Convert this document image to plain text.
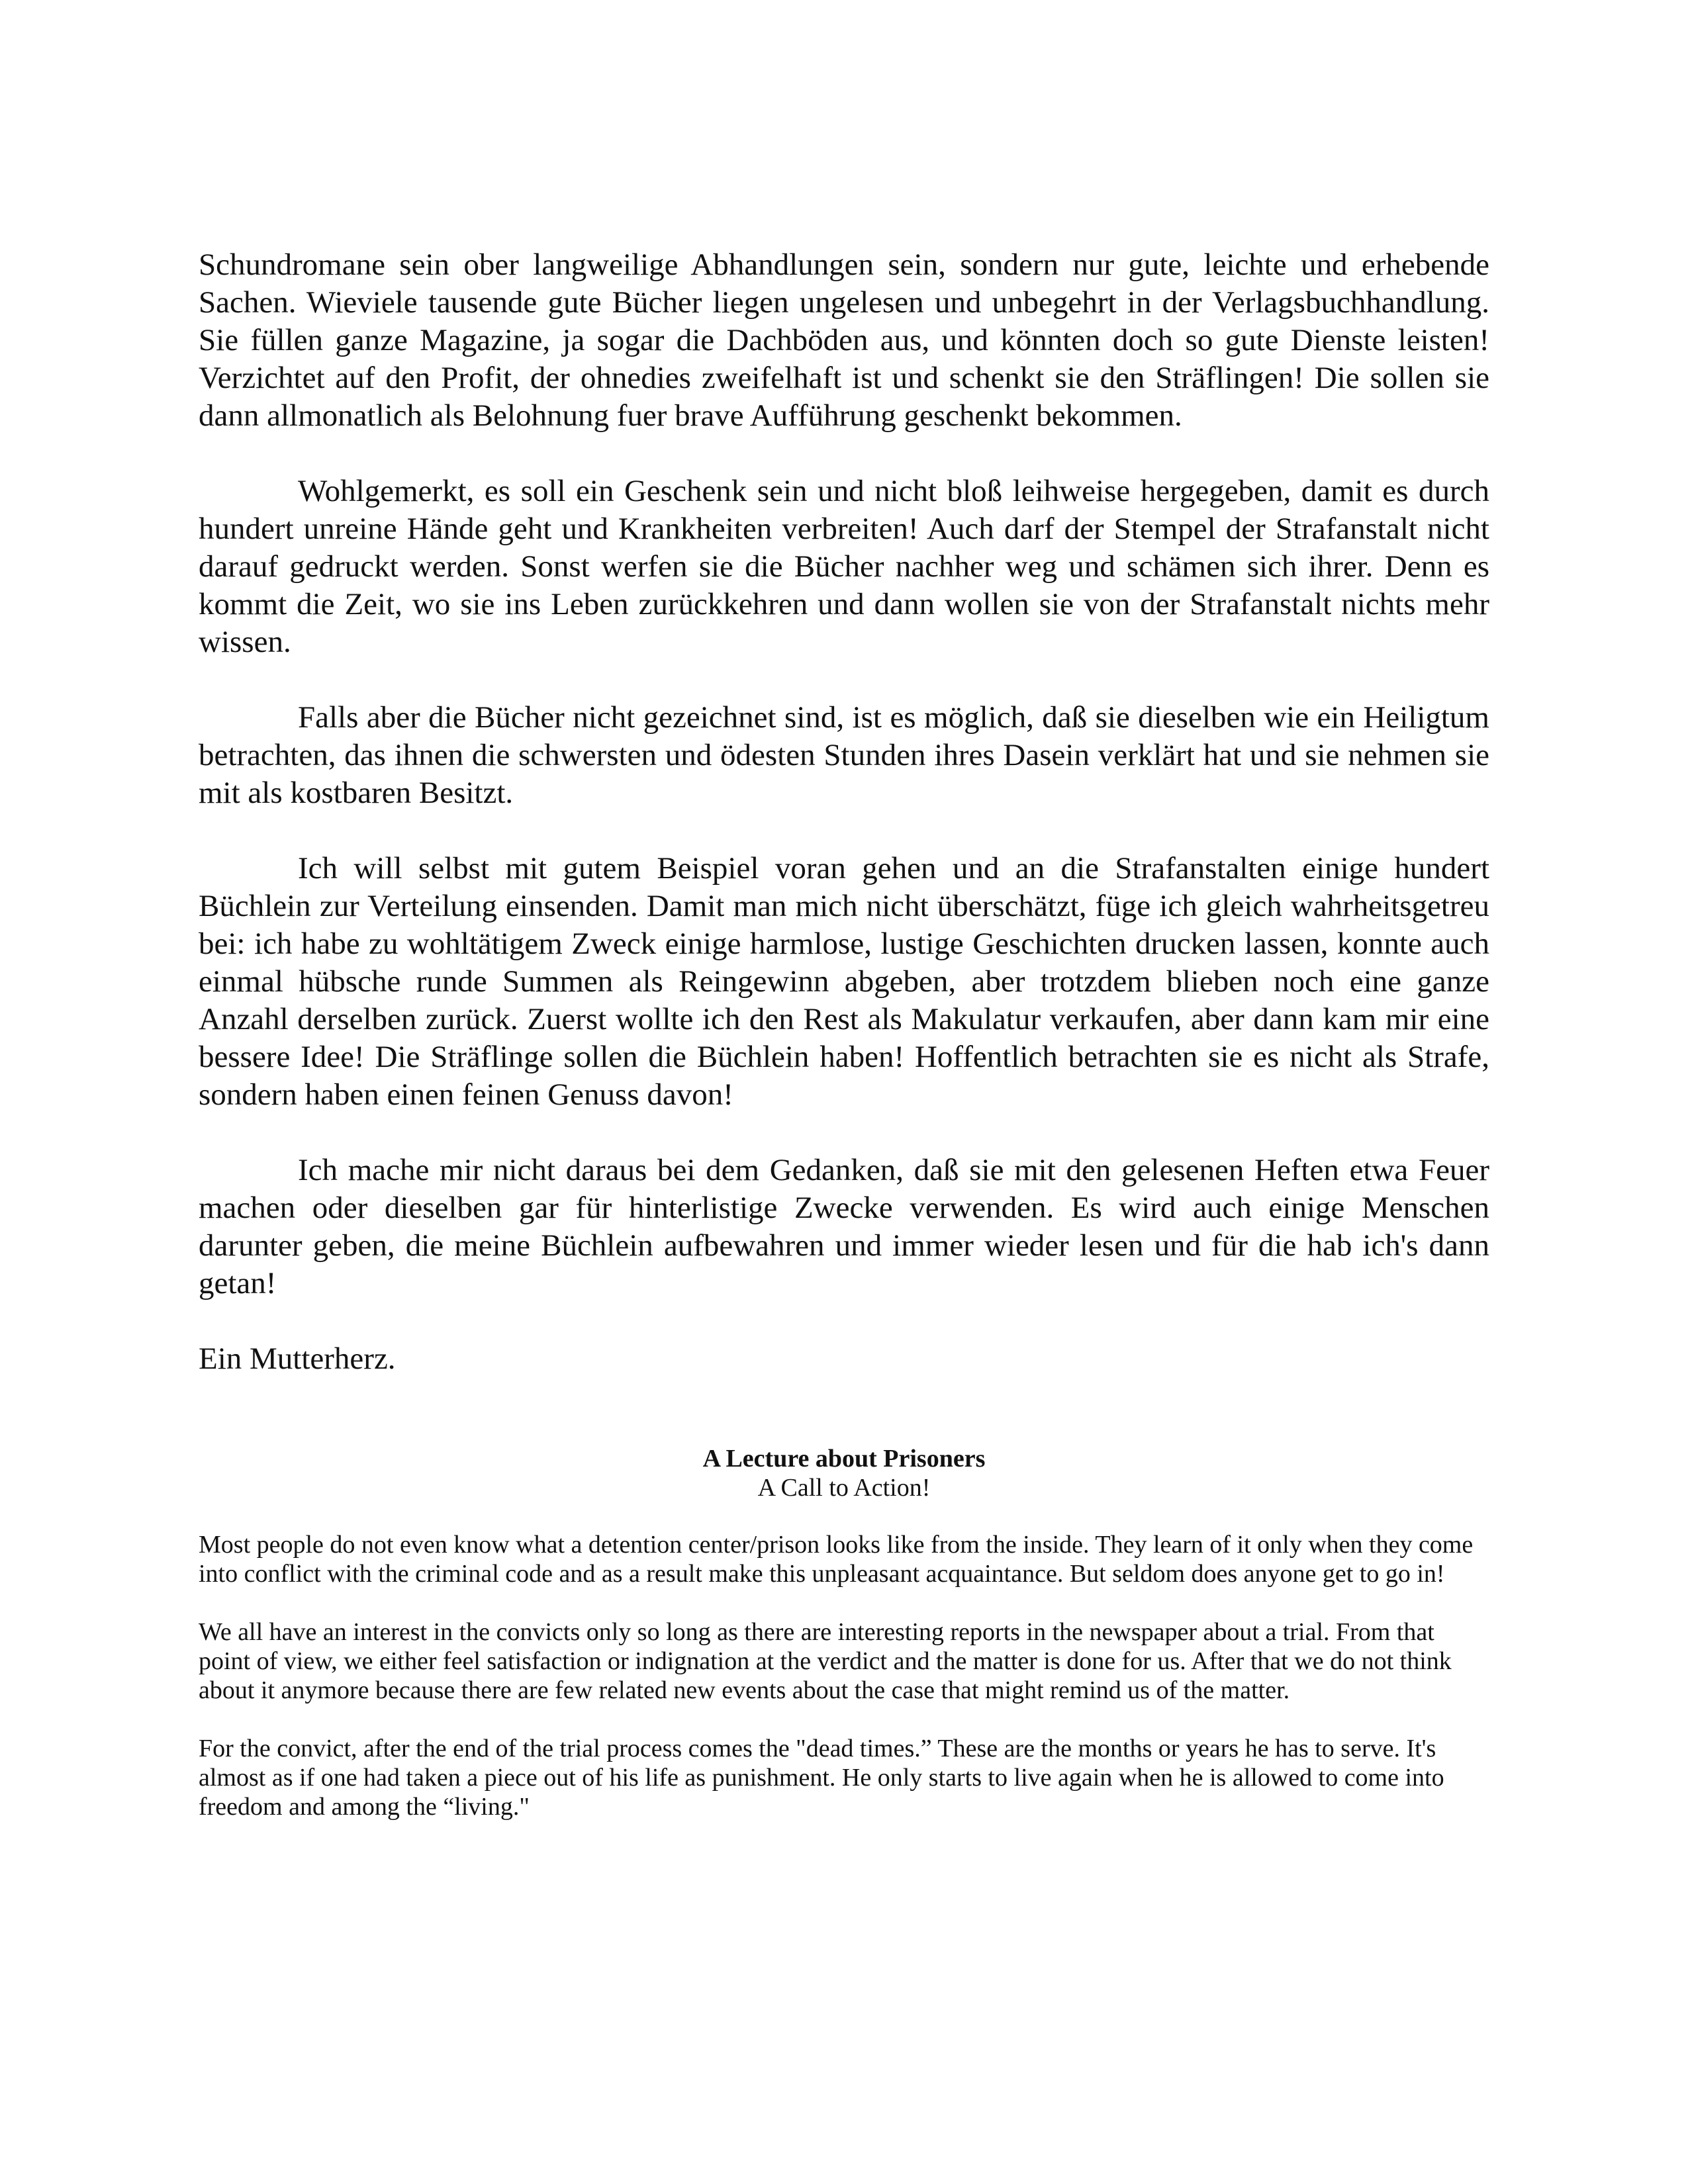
Schundromane sein ober langweilige Abhandlungen sein, sondern nur gute, leichte und erhebende Sachen. Wieviele tausende gute Bücher liegen ungelesen und unbegehrt in der Verlagsbuchhandlung. Sie füllen ganze Magazine, ja sogar die Dachböden aus, und könnten doch so gute Dienste leisten! Verzichtet auf den Profit, der ohnedies zweifelhaft ist und schenkt sie den Sträflingen! Die sollen sie dann allmonatlich als Belohnung fuer brave Aufführung geschenkt bekommen.

Wohlgemerkt, es soll ein Geschenk sein und nicht bloß leihweise hergegeben, damit es durch hundert unreine Hände geht und Krankheiten verbreiten! Auch darf der Stempel der Strafanstalt nicht darauf gedruckt werden. Sonst werfen sie die Bücher nachher weg und schämen sich ihrer. Denn es kommt die Zeit, wo sie ins Leben zurückkehren und dann wollen sie von der Strafanstalt nichts mehr wissen.

Falls aber die Bücher nicht gezeichnet sind, ist es möglich, daß sie dieselben wie ein Heiligtum betrachten, das ihnen die schwersten und ödesten Stunden ihres Dasein verklärt hat und sie nehmen sie mit als kostbaren Besitzt.

Ich will selbst mit gutem Beispiel voran gehen und an die Strafanstalten einige hundert Büchlein zur Verteilung einsenden. Damit man mich nicht überschätzt, füge ich gleich wahrheitsgetreu bei: ich habe zu wohltätigem Zweck einige harmlose, lustige Geschichten drucken lassen, konnte auch einmal hübsche runde Summen als Reingewinn abgeben, aber trotzdem blieben noch eine ganze Anzahl derselben zurück. Zuerst wollte ich den Rest als Makulatur verkaufen, aber dann kam mir eine bessere Idee! Die Sträflinge sollen die Büchlein haben! Hoffentlich betrachten sie es nicht als Strafe, sondern haben einen feinen Genuss davon!

Ich mache mir nicht daraus bei dem Gedanken, daß sie mit den gelesenen Heften etwa Feuer machen oder dieselben gar für hinterlistige Zwecke verwenden. Es wird auch einige Menschen darunter geben, die meine Büchlein aufbewahren und immer wieder lesen und für die hab ich's dann getan!

Ein Mutterherz.

A Lecture about Prisoners

A Call to Action!

Most people do not even know what a detention center/prison looks like from the inside. They learn of it only when they come into conflict with the criminal code and as a result make this unpleasant acquaintance. But seldom does anyone get to go in!

We all have an interest in the convicts only so long as there are interesting reports in the newspaper about a trial. From that point of view, we either feel satisfaction or indignation at the verdict and the matter is done for us. After that we do not think about it anymore because there are few related new events about the case that might remind us of the matter.

For the convict, after the end of the trial process comes the "dead times.” These are the months or years he has to serve. It's almost as if one had taken a piece out of his life as punishment. He only starts to live again when he is allowed to come into freedom and among the “living."
